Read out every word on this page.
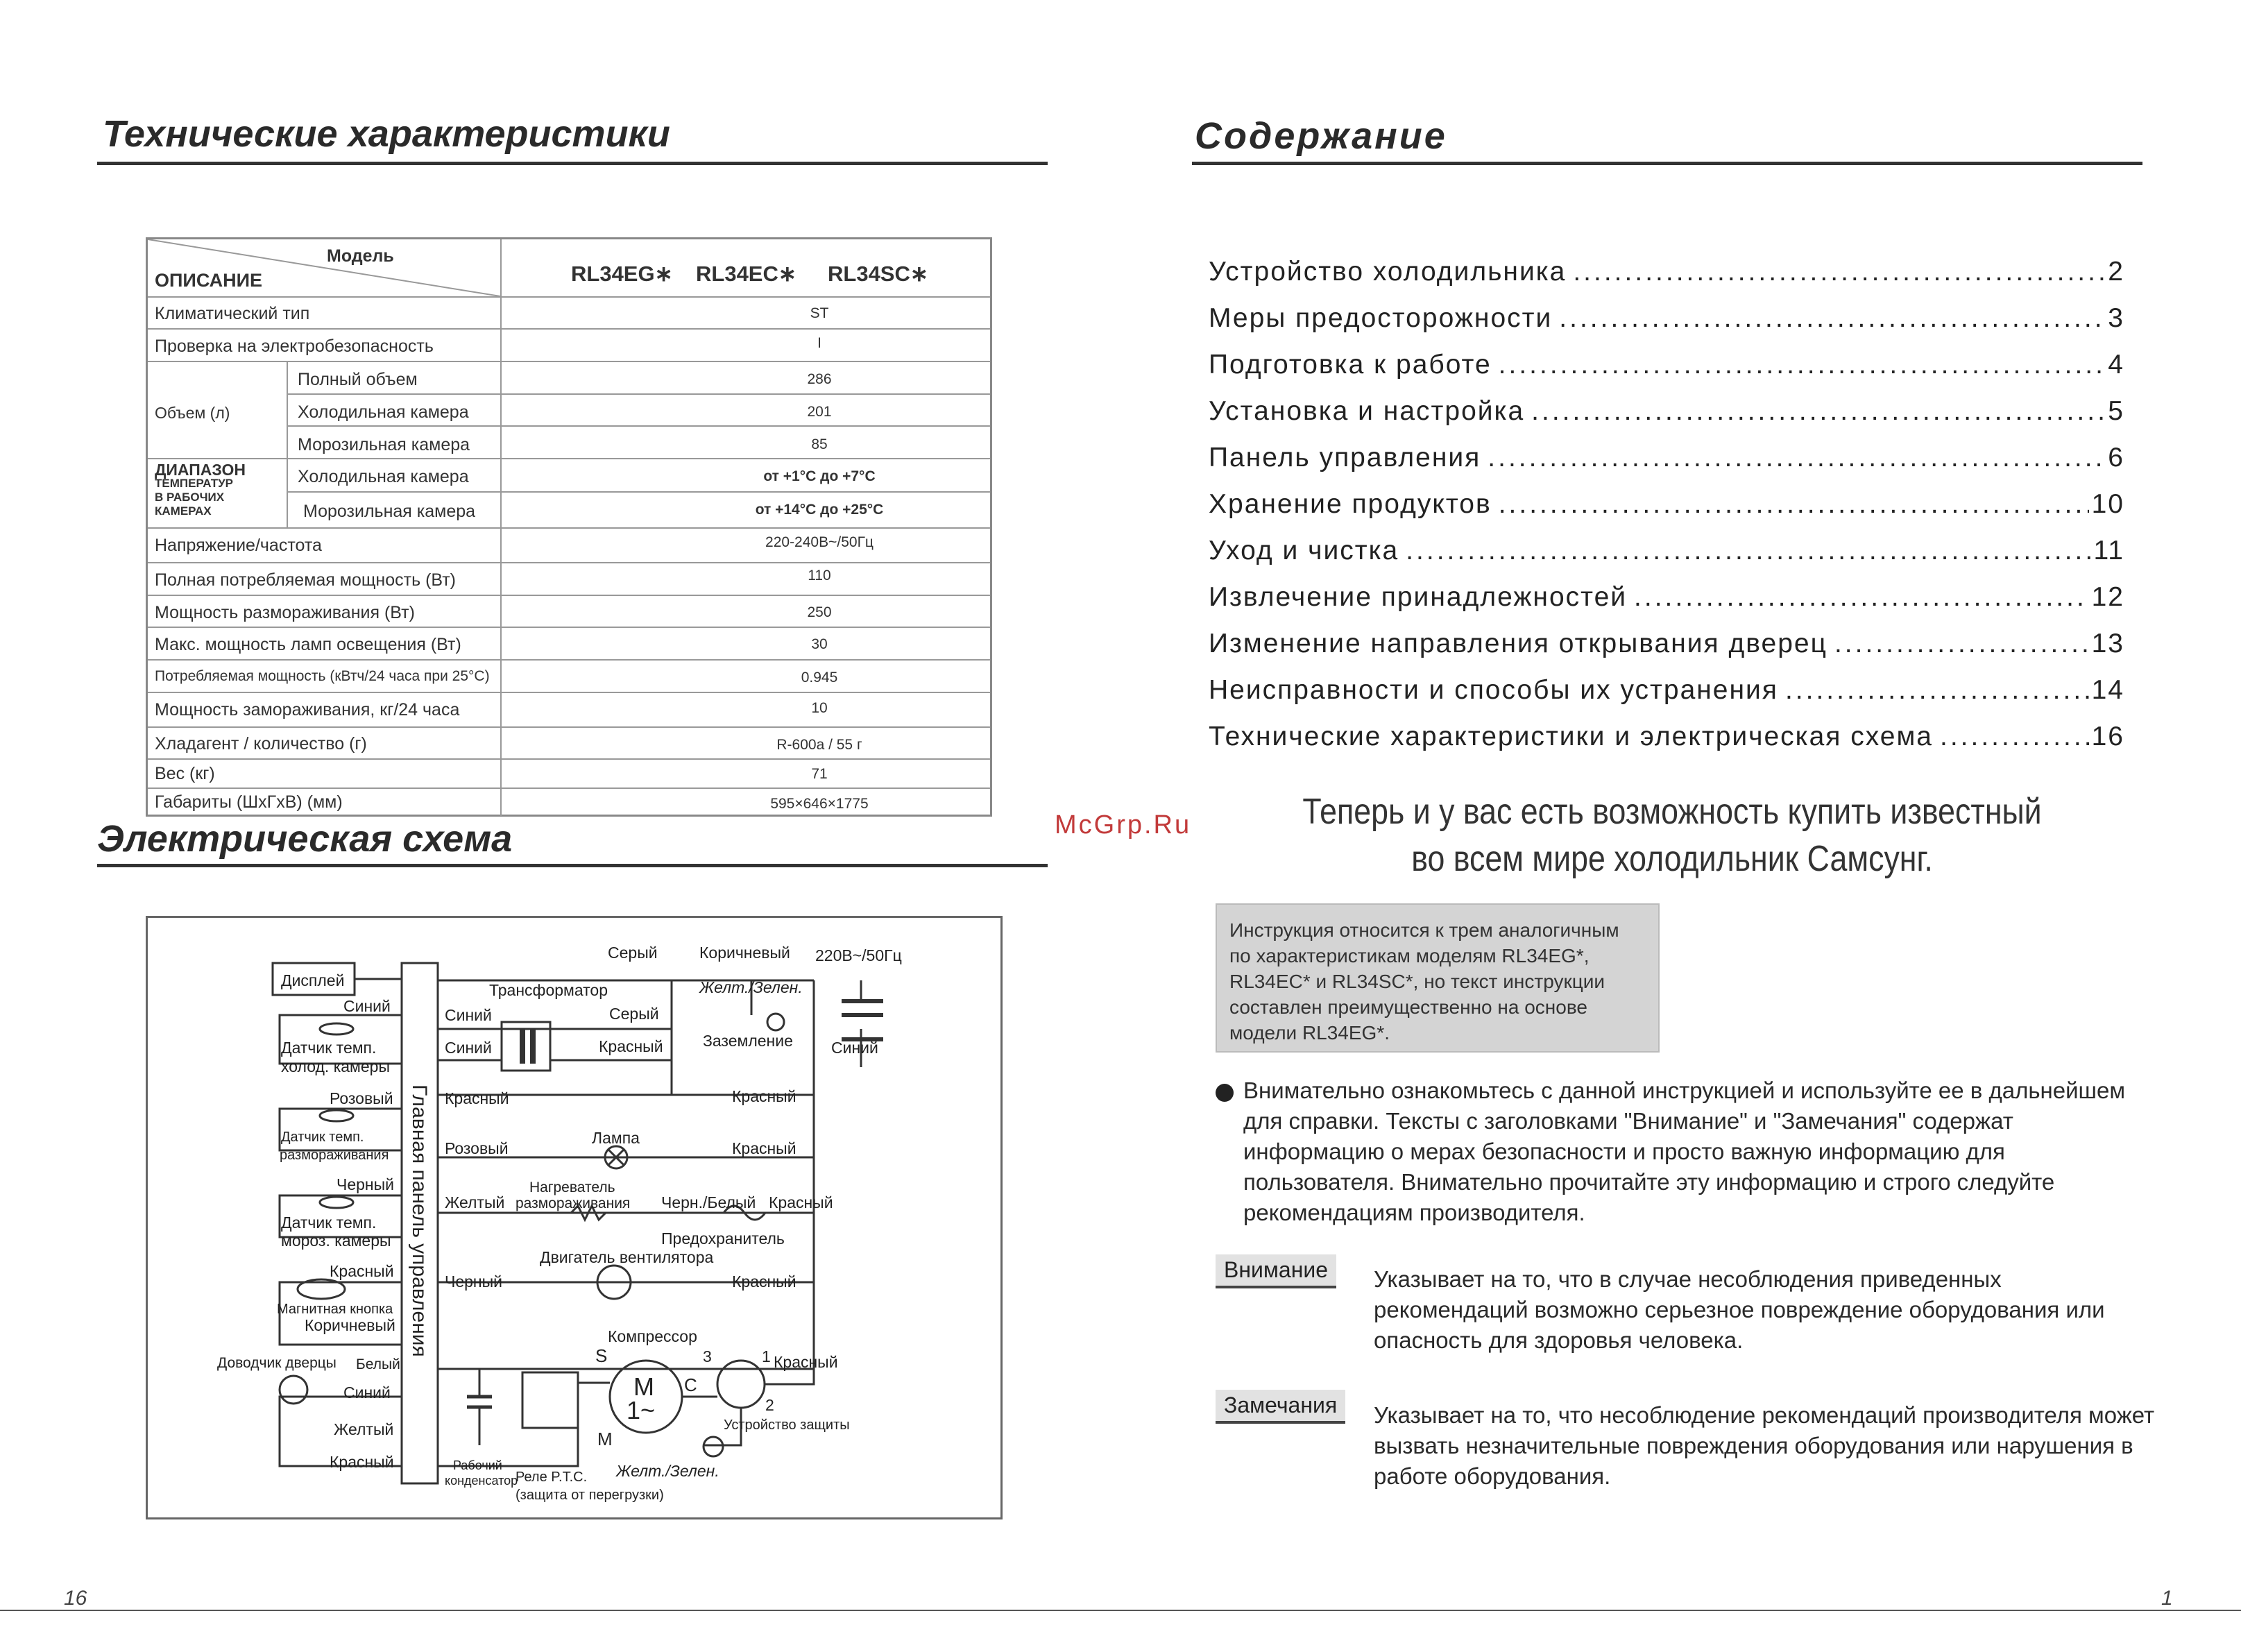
Технические характеристики
Модель
ОПИСАНИЕ	RL34EG∗ RL34EC∗ RL34SC∗
Климатический тип	ST
Проверка на электробезопасность	I
Объем (л)
Полный объем	286
Холодильная камера	201
Морозильная камера	85
ДИАПАЗОН
ТЕМПЕРАТУР
В РАБОЧИХ
КАМЕРАХ
Холодильная камера	от +1°C до +7°C
Морозильная камера	от +14°C до +25°C
Напряжение/частота	220-240В~/50Гц
Полная потребляемая мощность (Вт)	110
Мощность размораживания (Вт)	250
Макс. мощность ламп освещения (Вт)	30
Потребляемая мощность (кВтч/24 часа при 25°C)	0.945
Мощность замораживания, кг/24 часа	10
Хладагент / количество (г)	R-600a / 55 г
Вес (кг)	71
Габариты (ШхГхВ) (мм)	595×646×1775
Электрическая схема
Дисплей
Серый	Коричневый 220В~/50Гц
Трансформатор	Желт./Зелен.
Синий	Серый
Заземление
Синий	Красный	Синий
Красный	Красный
Синий
Датчик темп.
холод. камеры
Розовый
Датчик темп.
размораживания
Черный
Датчик темп.
мороз. камеры
Красный
Магнитная кнопка
Коричневый
Доводчик дверцы Белый
Синий
Желтый
Красный
Розовый
Лампа
Красный
Нагреватель
размораживания
Желтый	Черн./Белый Красный
Предохранитель
Двигатель вентилятора
Черный	Красный
Компрессор
S	3	1 Красный
M
1~
C
2
Устройство защиты
M
Рабочий
конденсатор
Реле P.T.C.
(защита от перегрузки)
Желт./Зелен.
Главная панель управления
McGrp.Ru
Содержание
Устройство холодильника .....	2
Меры предосторожности .....	3
Подготовка к работе .....	4
Установка и настройка .....	5
Панель управления .....	6
Хранение продуктов .....	10
Уход и чистка .....	11
Извлечение принадлежностей .....	12
Изменение направления открывания дверец .....	13
Неисправности и способы их устранения .....	14
Технические характеристики и электрическая схема .....	16
Теперь и у вас есть возможность купить известный
во всем мире холодильник Самсунг.
Инструкция относится к трем аналогичным по характеристикам моделям RL34EG*, RL34EC* и RL34SC*, но текст инструкции составлен преимущественно на основе модели RL34EG*.
Внимательно ознакомьтесь с данной инструкцией и используйте ее в дальнейшем для справки. Тексты с заголовками "Внимание" и "Замечания" содержат информацию о мерах безопасности и просто важную информацию для пользователя. Внимательно прочитайте эту информацию и строго следуйте рекомендациям производителя.
Внимание	Указывает на то, что в случае несоблюдения приведенных рекомендаций возможно серьезное повреждение оборудования или опасность для здоровья человека.
Замечания	Указывает на то, что несоблюдение рекомендаций производителя может вызвать незначительные повреждения оборудования или нарушения в работе оборудования.
16	1
